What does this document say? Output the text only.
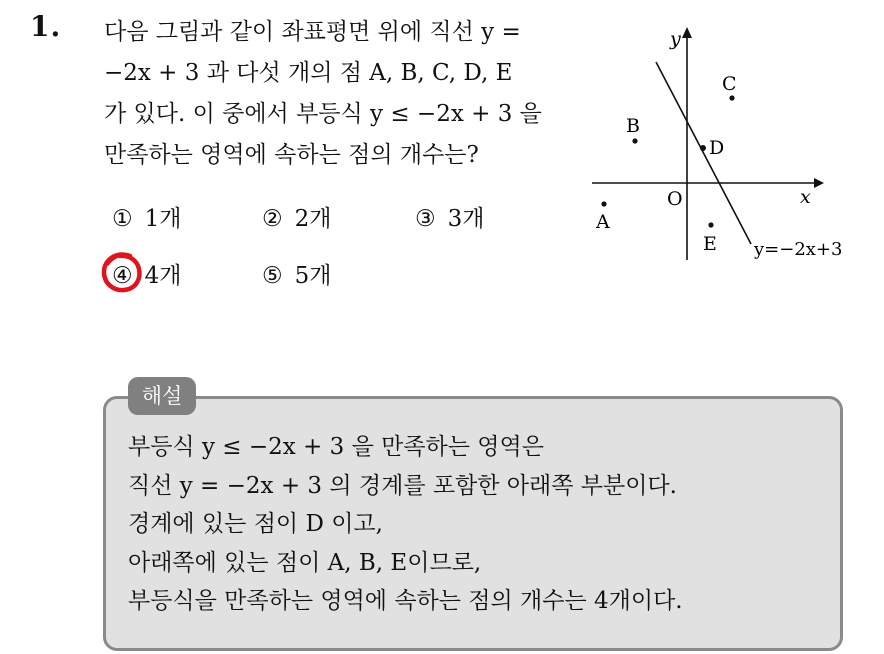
1. 다음 그림과 같이 좌표평면 위에 직선 y =
−2x + 3 과 다섯 개의 점 A, B, C, D, E
가 있다. 이 중에서 부등식 y ≤ −2x + 3 을
만족하는 영역에 속하는 점의 개수는?
① 1개	② 2개	③ 3개
④ 4개	⑤ 5개
y
x
O
y=−2x+3
A
B
C
D
E
해설
부등식 y ≤ −2x + 3 을 만족하는 영역은
직선 y = −2x + 3 의 경계를 포함한 아래쪽 부분이다.
경계에 있는 점이 D 이고,
아래쪽에 있는 점이 A, B, E이므로,
부등식을 만족하는 영역에 속하는 점의 개수는 4개이다.
